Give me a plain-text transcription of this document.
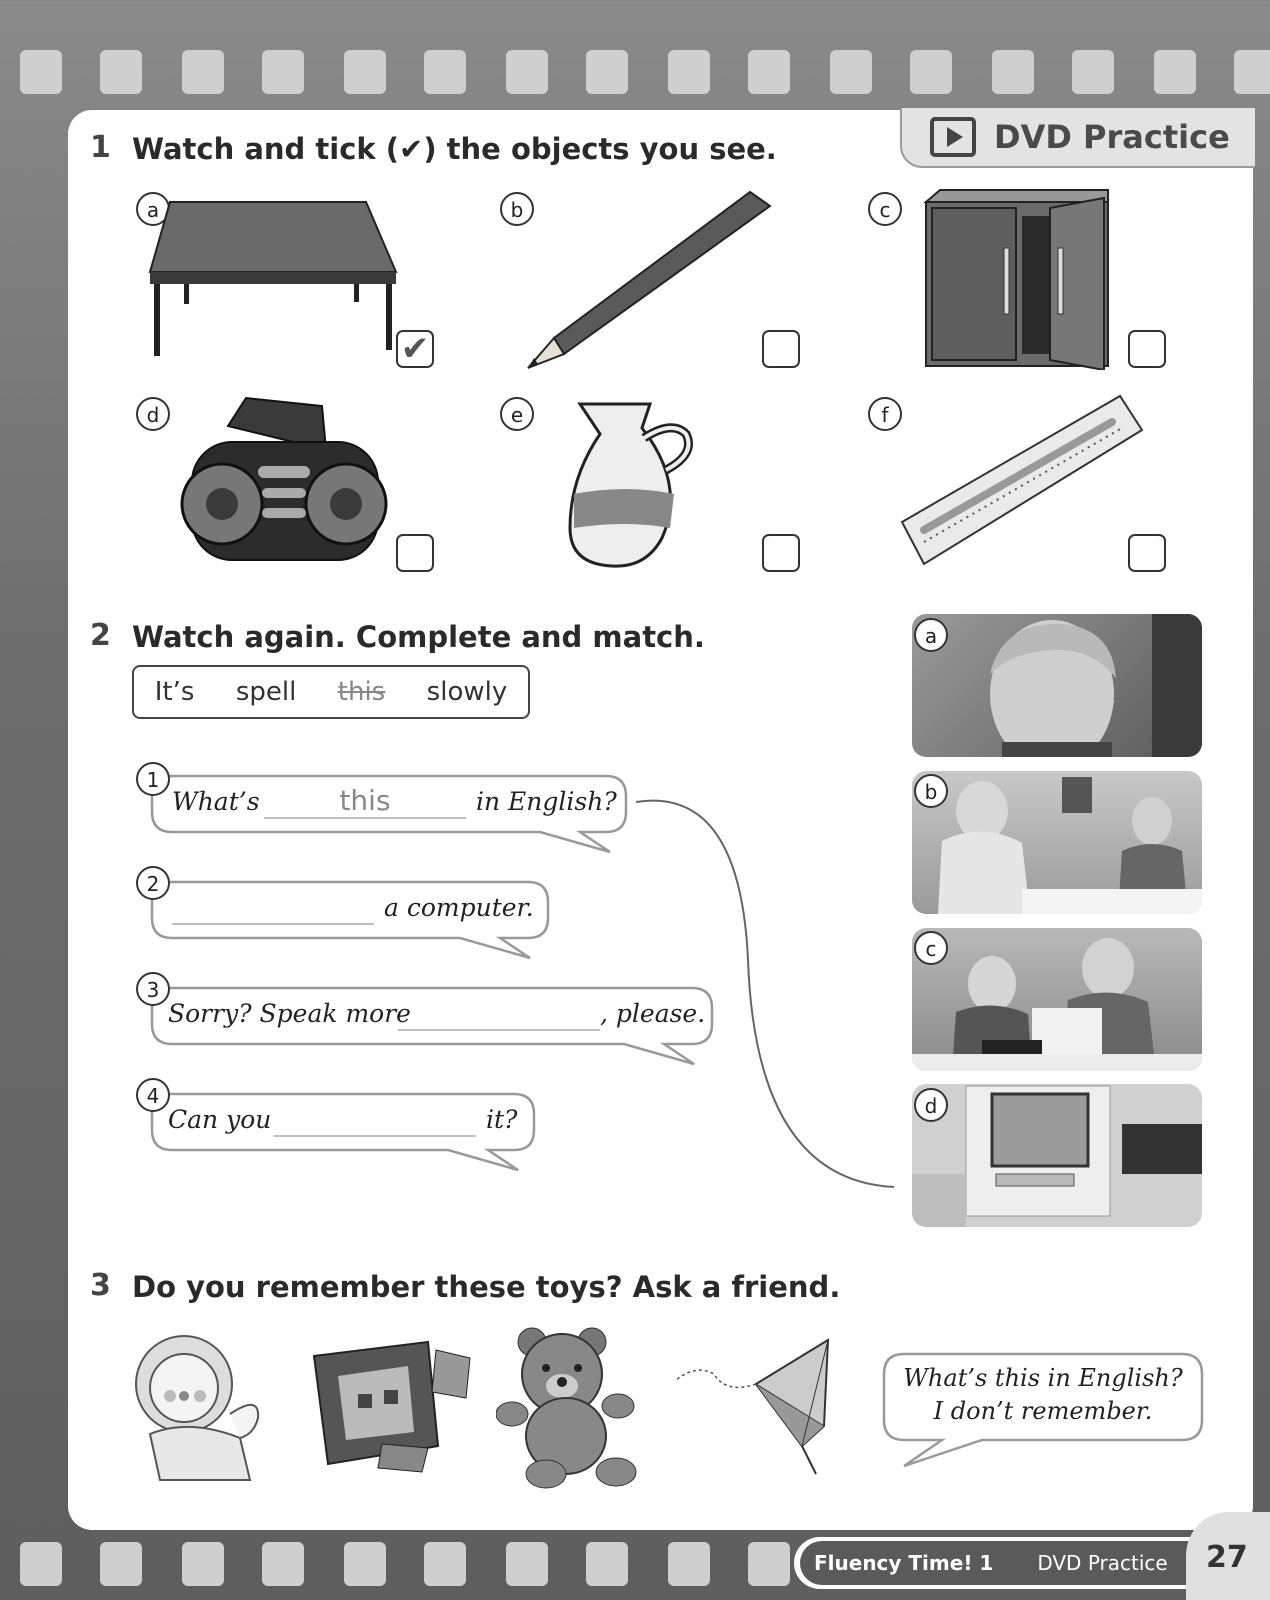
DVD Practice
1 Watch and tick (✔) the objects you see.
a	b	c
d	e	f
✔
2 Watch again. Complete and match.
It’s spell this slowly
1
What’s	this	in English?
2
a computer.
3
Sorry? Speak more	, please.
4
Can you	it?
a
b
c
d
3 Do you remember these toys? Ask a friend.
What’s this in English?
I don’t remember.
Fluency Time! 1 DVD Practice 27
